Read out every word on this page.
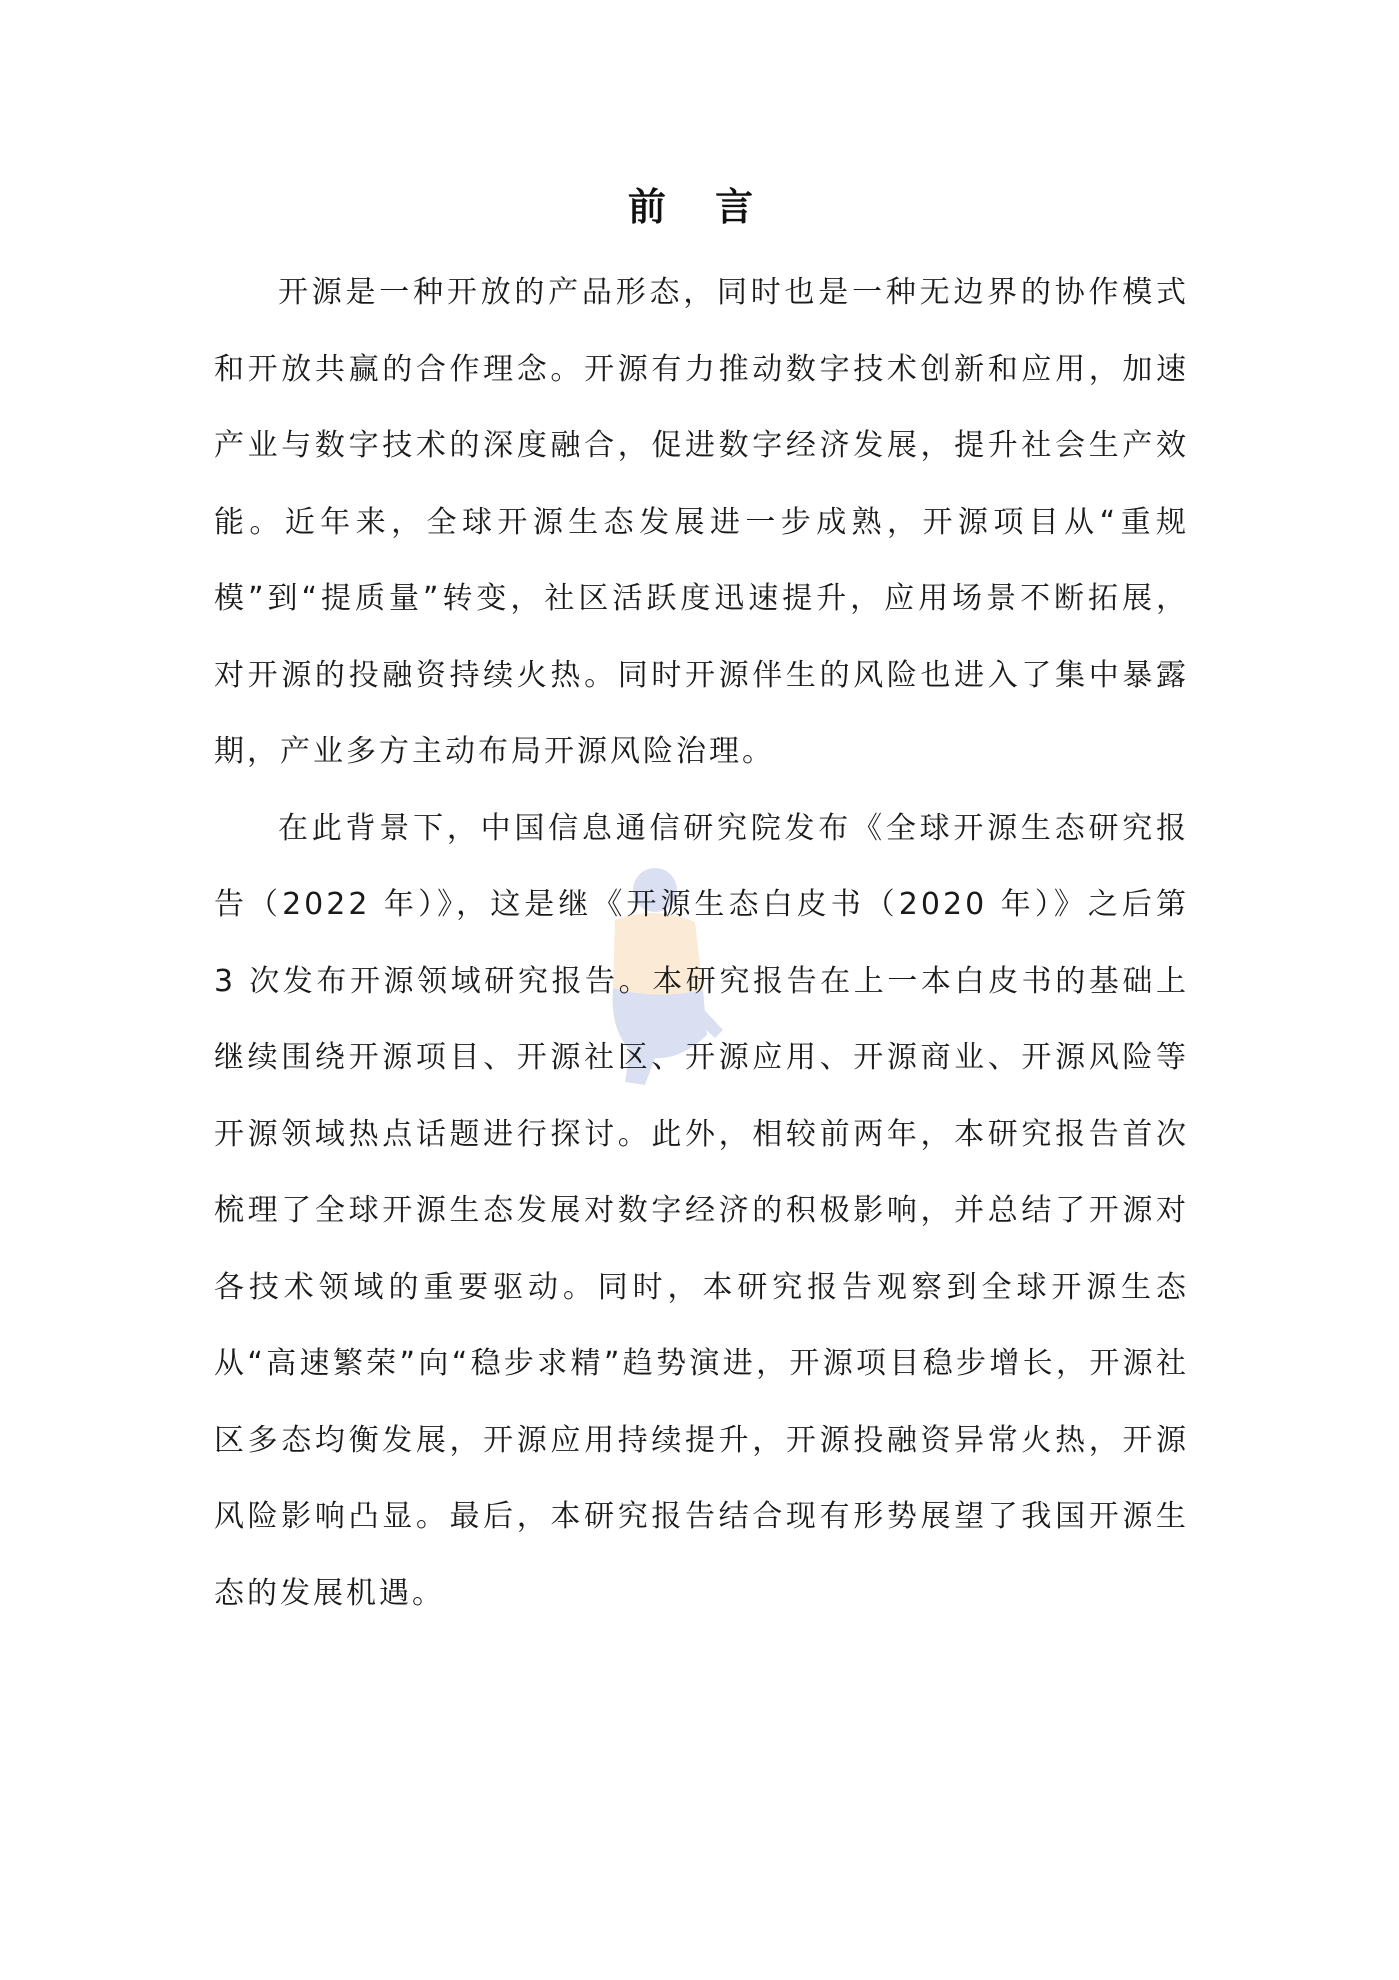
前 言

开源是一种开放的产品形态，同时也是一种无边界的协作模式和开放共赢的合作理念。开源有力推动数字技术创新和应用，加速产业与数字技术的深度融合，促进数字经济发展，提升社会生产效能。近年来，全球开源生态发展进一步成熟，开源项目从“重规模”到“提质量”转变，社区活跃度迅速提升，应用场景不断拓展，对开源的投融资持续火热。同时开源伴生的风险也进入了集中暴露期，产业多方主动布局开源风险治理。

在此背景下，中国信息通信研究院发布《全球开源生态研究报告（2022 年）》，这是继《开源生态白皮书（2020 年）》之后第 3 次发布开源领域研究报告。本研究报告在上一本白皮书的基础上继续围绕开源项目、开源社区、开源应用、开源商业、开源风险等开源领域热点话题进行探讨。此外，相较前两年，本研究报告首次梳理了全球开源生态发展对数字经济的积极影响，并总结了开源对各技术领域的重要驱动。同时，本研究报告观察到全球开源生态从“高速繁荣”向“稳步求精”趋势演进，开源项目稳步增长，开源社区多态均衡发展，开源应用持续提升，开源投融资异常火热，开源风险影响凸显。最后，本研究报告结合现有形势展望了我国开源生态的发展机遇。
